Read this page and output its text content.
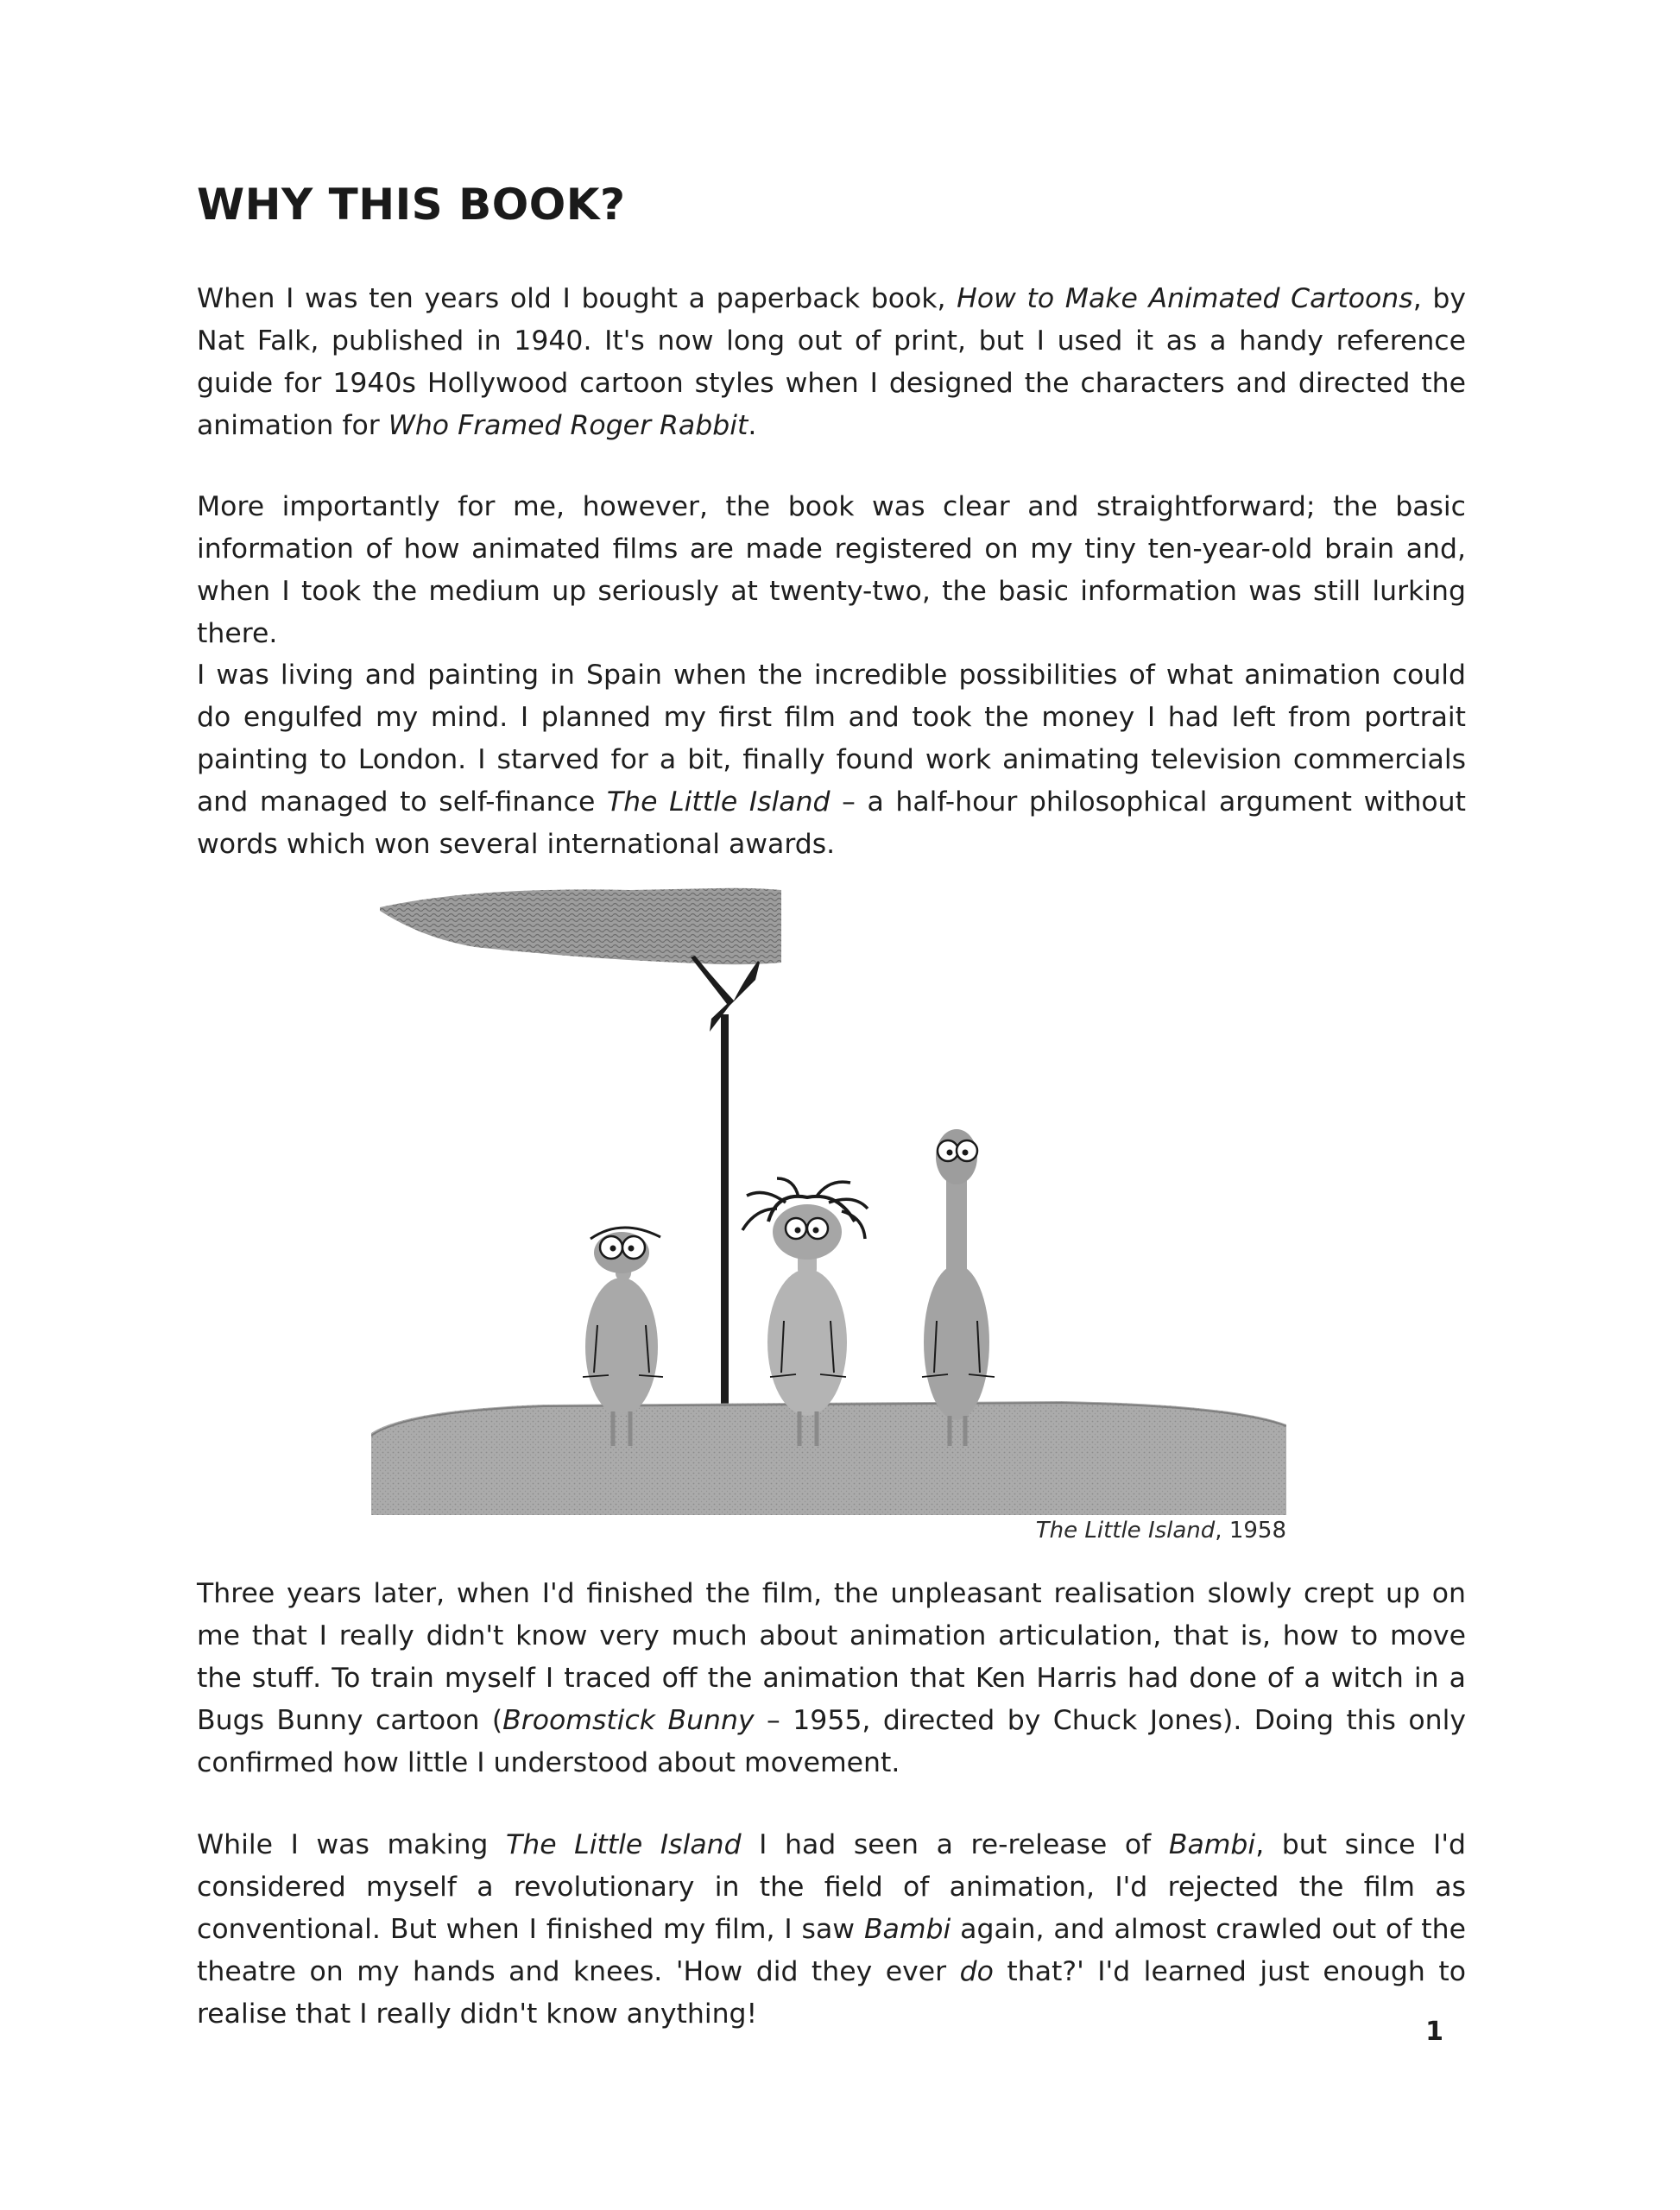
WHY THIS BOOK?

When I was ten years old I bought a paperback book, How to Make Animated Cartoons, by Nat Falk, published in 1940. It's now long out of print, but I used it as a handy reference guide for 1940s Hollywood cartoon styles when I designed the characters and directed the animation for Who Framed Roger Rabbit.

More importantly for me, however, the book was clear and straightforward; the basic information of how animated films are made registered on my tiny ten-year-old brain and, when I took the medium up seriously at twenty-two, the basic information was still lurking there.

I was living and painting in Spain when the incredible possibilities of what animation could do engulfed my mind. I planned my first film and took the money I had left from portrait painting to London. I starved for a bit, finally found work animating television commercials and managed to self-finance The Little Island – a half-hour philosophical argument without words which won several international awards.

The Little Island, 1958

Three years later, when I'd finished the film, the unpleasant realisation slowly crept up on me that I really didn't know very much about animation articulation, that is, how to move the stuff. To train myself I traced off the animation that Ken Harris had done of a witch in a Bugs Bunny cartoon (Broomstick Bunny – 1955, directed by Chuck Jones). Doing this only confirmed how little I understood about movement.

While I was making The Little Island I had seen a re-release of Bambi, but since I'd considered myself a revolutionary in the field of animation, I'd rejected the film as conventional. But when I finished my film, I saw Bambi again, and almost crawled out of the theatre on my hands and knees. 'How did they ever do that?' I'd learned just enough to realise that I really didn't know anything!

1
